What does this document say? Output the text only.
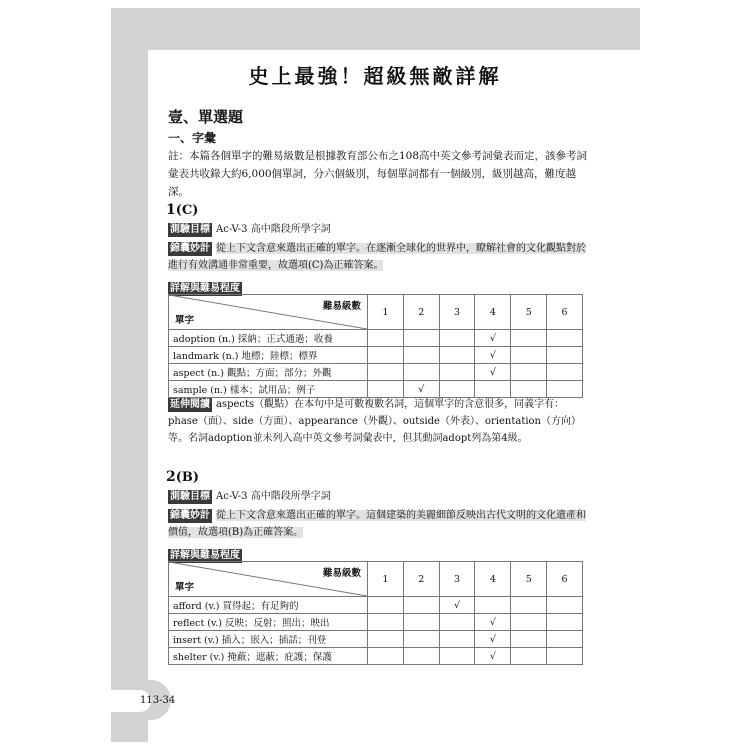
史上最強！超級無敵詳解
壹、單選題
一、字彙
註：本篇各個單字的難易級數是根據教育部公布之108高中英文參考詞彙表而定，該參考詞彙表共收錄大約6,000個單詞，分六個級別，每個單詞都有一個級別，級別越高，難度越深。
1(C)
測驗目標 Ac-V-3 高中階段所學字詞
錦囊妙計 從上下文含意來選出正確的單字。在逐漸全球化的世界中，瞭解社會的文化觀點對於進行有效溝通非常重要，故選項(C)為正確答案。
詳解與難易程度
難易級數
單字	1	2	3	4	5	6
adoption (n.) 採納；正式通過；收養				√		
landmark (n.) 地標；陸標；標界				√		
aspect (n.) 觀點；方面；部分；外觀				√		
sample (n.) 樣本；試用品；例子		√				
延伸閱讀 aspects（觀點）在本句中是可數複數名詞，這個單字的含意很多，同義字有：phase（面）、side（方面）、appearance（外觀）、outside（外表）、orientation（方向）等。名詞adoption並未列入高中英文參考詞彙表中，但其動詞adopt列為第4級。
2(B)
測驗目標 Ac-V-3 高中階段所學字詞
錦囊妙計 從上下文含意來選出正確的單字。這個建築的美麗細節反映出古代文明的文化遺產和價值，故選項(B)為正確答案。
詳解與難易程度
難易級數
單字	1	2	3	4	5	6
afford (v.) 買得起；有足夠的			√			
reflect (v.) 反映；反射；照出；映出				√		
insert (v.) 插入；嵌入；插話；刊登				√		
shelter (v.) 掩蔽；遮蔽；庇護；保護				√		
113-34
